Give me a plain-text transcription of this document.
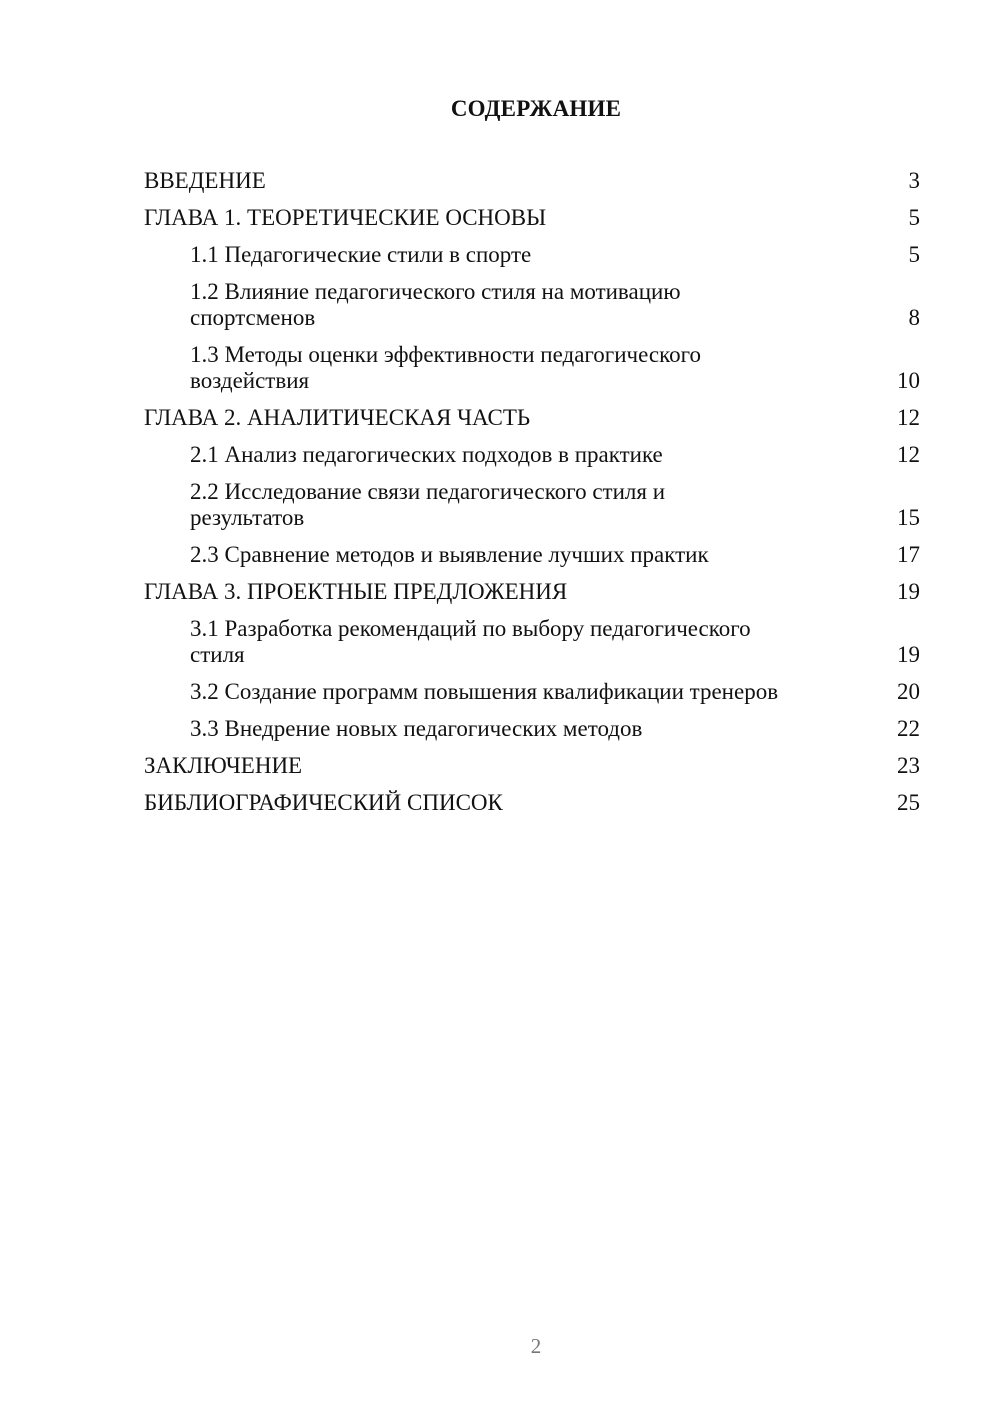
СОДЕРЖАНИЕ
ВВЕДЕНИЕ	3
ГЛАВА 1. ТЕОРЕТИЧЕСКИЕ ОСНОВЫ	5
1.1 Педагогические стили в спорте	5
1.2 Влияние педагогического стиля на мотивацию спортсменов	8
1.3 Методы оценки эффективности педагогического воздействия	10
ГЛАВА 2. АНАЛИТИЧЕСКАЯ ЧАСТЬ	12
2.1 Анализ педагогических подходов в практике	12
2.2 Исследование связи педагогического стиля и результатов	15
2.3 Сравнение методов и выявление лучших практик	17
ГЛАВА 3. ПРОЕКТНЫЕ ПРЕДЛОЖЕНИЯ	19
3.1 Разработка рекомендаций по выбору педагогического стиля	19
3.2 Создание программ повышения квалификации тренеров	20
3.3 Внедрение новых педагогических методов	22
ЗАКЛЮЧЕНИЕ	23
БИБЛИОГРАФИЧЕСКИЙ СПИСОК	25
2
